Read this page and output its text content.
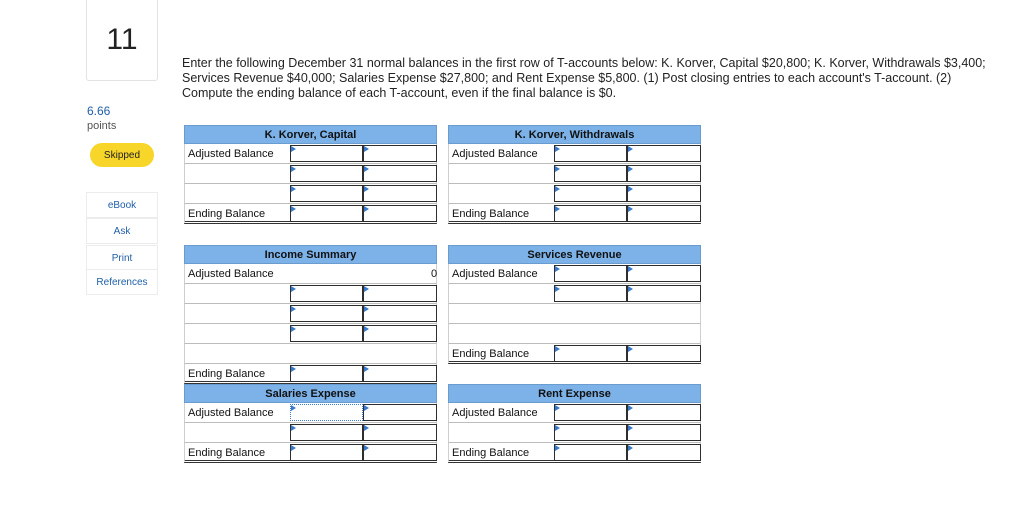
11
6.66
points
Skipped
eBook
Ask
Print
References
Enter the following December 31 normal balances in the first row of T-accounts below: K. Korver, Capital $20,800; K. Korver, Withdrawals $3,400; Services Revenue $40,000; Salaries Expense $27,800; and Rent Expense $5,800. (1) Post closing entries to each account's T-account. (2) Compute the ending balance of each T-account, even if the final balance is $0.
K. Korver, Capital
Adjusted Balance
Ending Balance
K. Korver, Withdrawals
Adjusted Balance
Ending Balance
Income Summary
Adjusted Balance	0
Ending Balance
Services Revenue
Adjusted Balance
Ending Balance
Salaries Expense
Adjusted Balance
Ending Balance
Rent Expense
Adjusted Balance
Ending Balance
